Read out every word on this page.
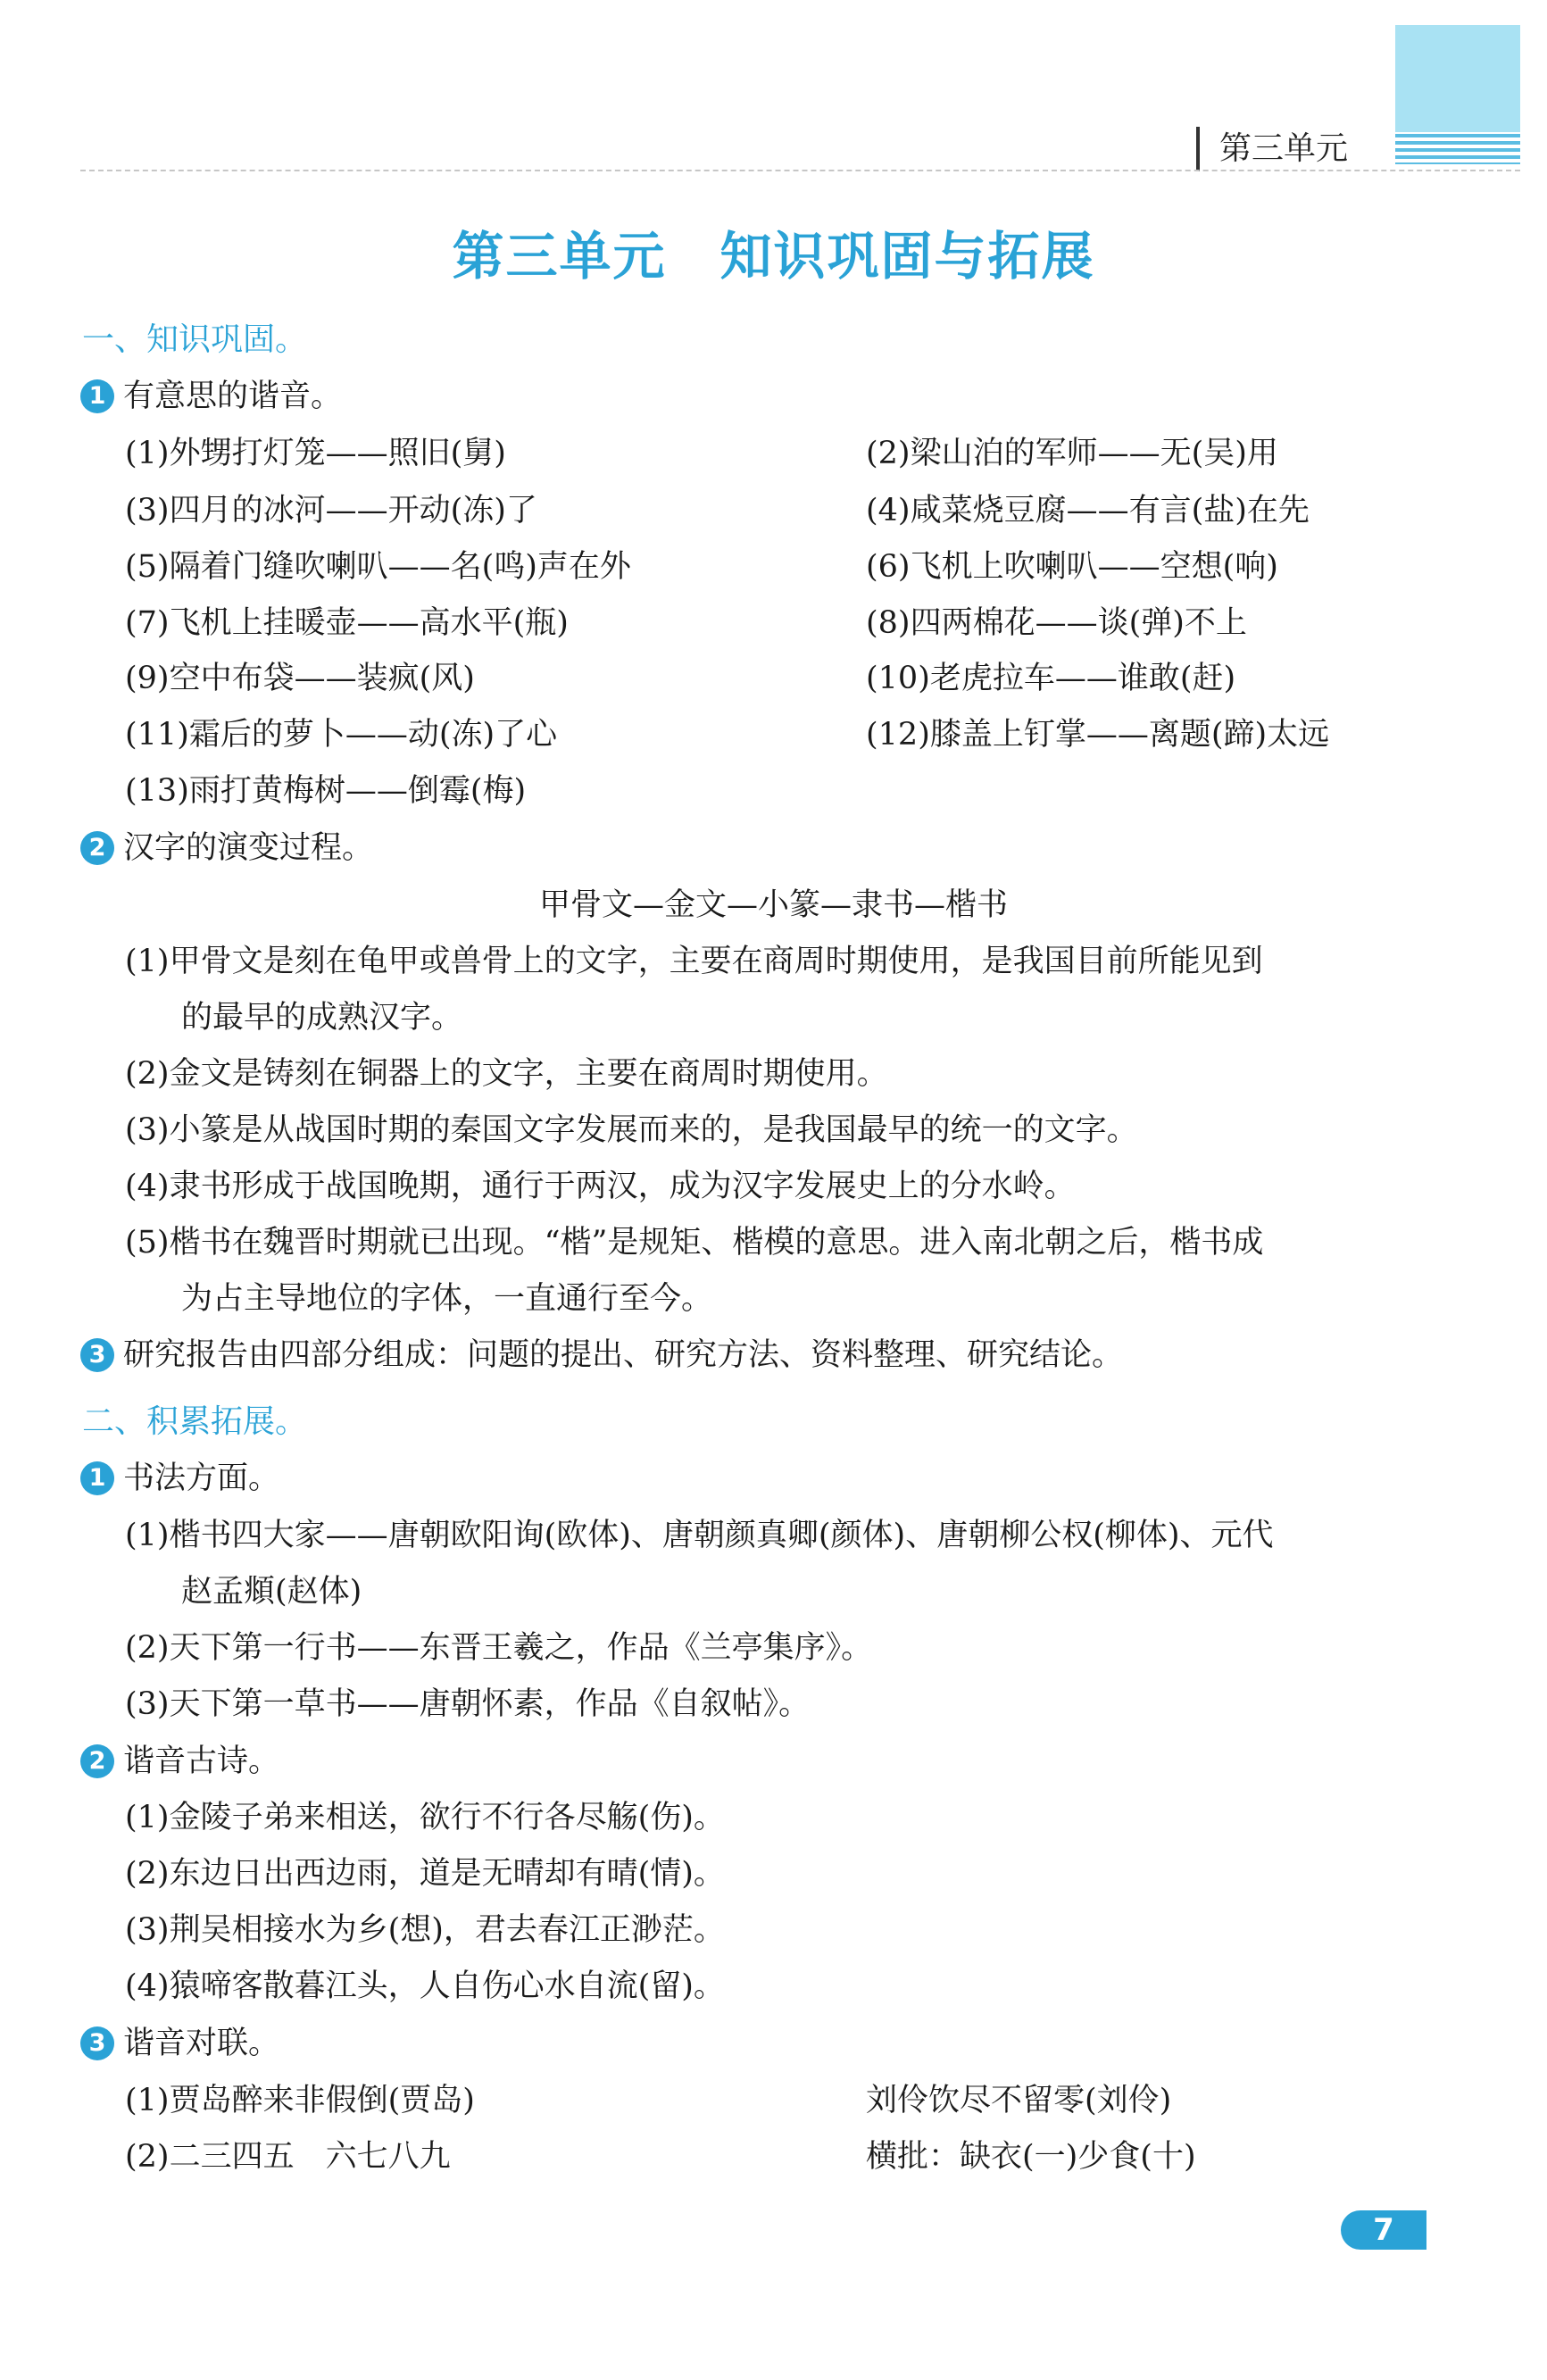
第三单元
第三单元　知识巩固与拓展
一、知识巩固。
1 有意思的谐音。
(1)外甥打灯笼——照旧(舅)	(2)梁山泊的军师——无(吴)用
(3)四月的冰河——开动(冻)了	(4)咸菜烧豆腐——有言(盐)在先
(5)隔着门缝吹喇叭——名(鸣)声在外	(6)飞机上吹喇叭——空想(响)
(7)飞机上挂暖壶——高水平(瓶)	(8)四两棉花——谈(弹)不上
(9)空中布袋——装疯(风)	(10)老虎拉车——谁敢(赶)
(11)霜后的萝卜——动(冻)了心	(12)膝盖上钉掌——离题(蹄)太远
(13)雨打黄梅树——倒霉(梅)
2 汉字的演变过程。
甲骨文—金文—小篆—隶书—楷书
(1)甲骨文是刻在龟甲或兽骨上的文字，主要在商周时期使用，是我国目前所能见到
的最早的成熟汉字。
(2)金文是铸刻在铜器上的文字，主要在商周时期使用。
(3)小篆是从战国时期的秦国文字发展而来的，是我国最早的统一的文字。
(4)隶书形成于战国晚期，通行于两汉，成为汉字发展史上的分水岭。
(5)楷书在魏晋时期就已出现。“楷”是规矩、楷模的意思。进入南北朝之后，楷书成
为占主导地位的字体，一直通行至今。
3 研究报告由四部分组成：问题的提出、研究方法、资料整理、研究结论。
二、积累拓展。
1 书法方面。
(1)楷书四大家——唐朝欧阳询(欧体)、唐朝颜真卿(颜体)、唐朝柳公权(柳体)、元代
赵孟頫(赵体)
(2)天下第一行书——东晋王羲之，作品《兰亭集序》。
(3)天下第一草书——唐朝怀素，作品《自叙帖》。
2 谐音古诗。
(1)金陵子弟来相送，欲行不行各尽觞(伤)。
(2)东边日出西边雨，道是无晴却有晴(情)。
(3)荆吴相接水为乡(想)，君去春江正渺茫。
(4)猿啼客散暮江头，人自伤心水自流(留)。
3 谐音对联。
(1)贾岛醉来非假倒(贾岛)	刘伶饮尽不留零(刘伶)
(2)二三四五　六七八九	横批：缺衣(一)少食(十)
7
